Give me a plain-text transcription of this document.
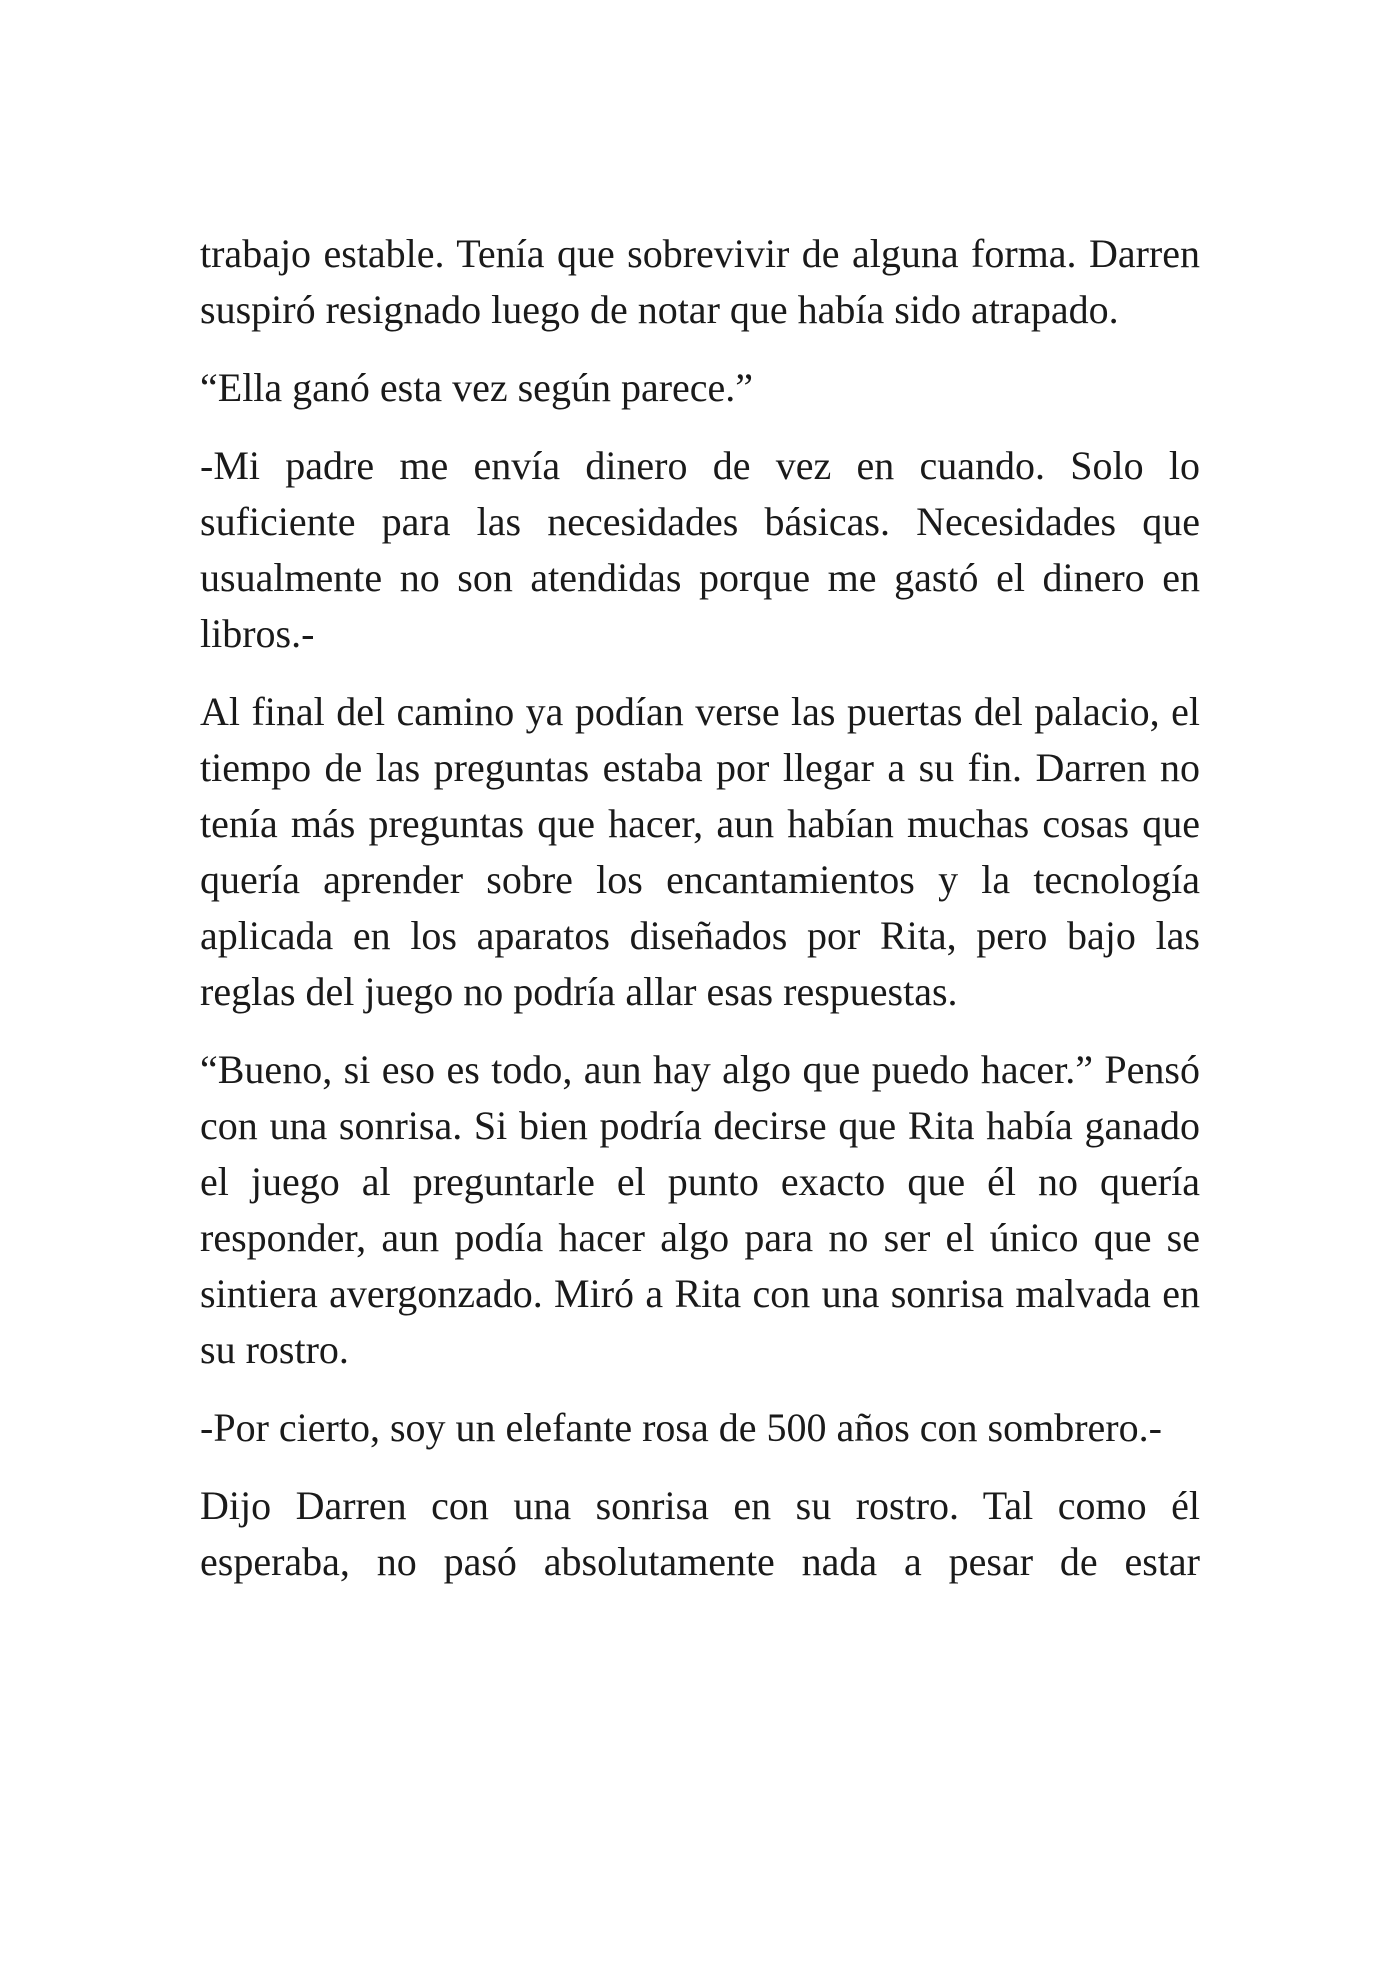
trabajo estable. Tenía que sobrevivir de alguna forma. Darren suspiró resignado luego de notar que había sido atrapado.

“Ella ganó esta vez según parece.”

-Mi padre me envía dinero de vez en cuando. Solo lo suficiente para las necesidades básicas. Necesidades que usualmente no son atendidas porque me gastó el dinero en libros.-

Al final del camino ya podían verse las puertas del palacio, el tiempo de las preguntas estaba por llegar a su fin. Darren no tenía más preguntas que hacer, aun habían muchas cosas que quería aprender sobre los encantamientos y la tecnología aplicada en los aparatos diseñados por Rita, pero bajo las reglas del juego no podría allar esas respuestas.

“Bueno, si eso es todo, aun hay algo que puedo hacer.” Pensó con una sonrisa. Si bien podría decirse que Rita había ganado el juego al preguntarle el punto exacto que él no quería responder, aun podía hacer algo para no ser el único que se sintiera avergonzado. Miró a Rita con una sonrisa malvada en su rostro.

-Por cierto, soy un elefante rosa de 500 años con sombrero.-

Dijo Darren con una sonrisa en su rostro. Tal como él esperaba, no pasó absolutamente nada a pesar de estar
